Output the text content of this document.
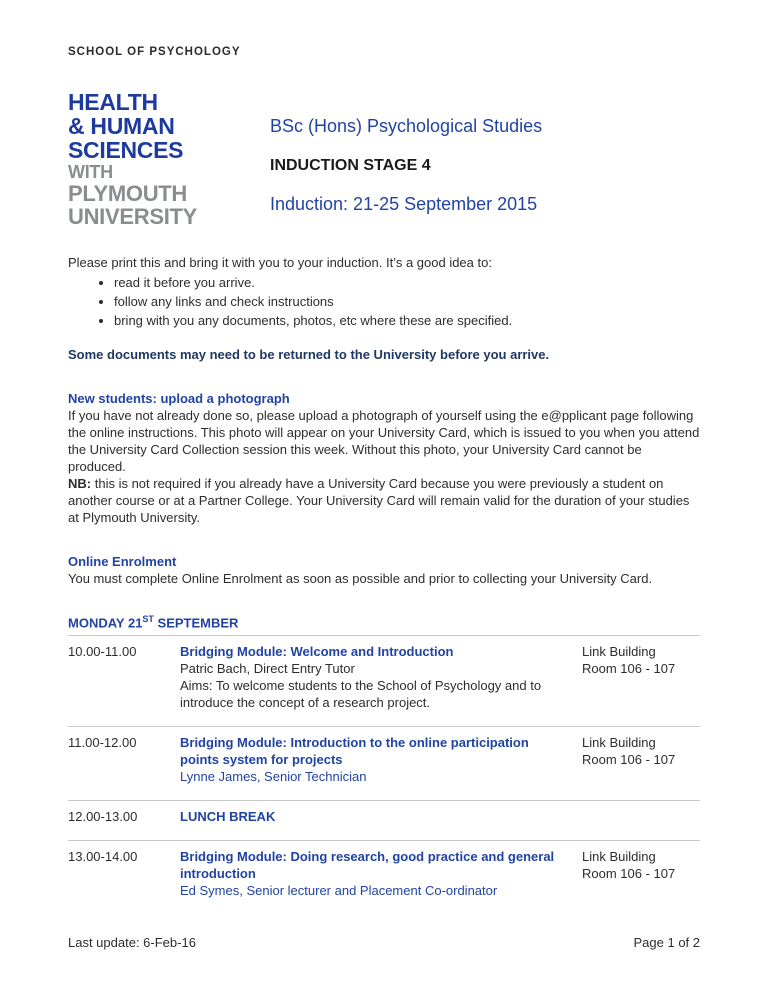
SCHOOL OF PSYCHOLOGY
HEALTH
& HUMAN
SCIENCES
WITH
PLYMOUTH
UNIVERSITY
BSc (Hons) Psychological Studies
INDUCTION STAGE 4
Induction: 21-25 September 2015

Please print this and bring it with you to your induction. It’s a good idea to:

• read it before you arrive.
• follow any links and check instructions
• bring with you any documents, photos, etc where these are specified.

Some documents may need to be returned to the University before you arrive.

New students: upload a photograph

If you have not already done so, please upload a photograph of yourself using the e@pplicant page following the online instructions. This photo will appear on your University Card, which is issued to you when you attend the University Card Collection session this week. Without this photo, your University Card cannot be produced.

NB: this is not required if you already have a University Card because you were previously a student on another course or at a Partner College. Your University Card will remain valid for the duration of your studies at Plymouth University.

Online Enrolment

You must complete Online Enrolment as soon as possible and prior to collecting your University Card.

MONDAY 21ST SEPTEMBER
10.00-11.00	Bridging Module: Welcome and Introduction
Patric Bach, Direct Entry Tutor
Aims: To welcome students to the School of Psychology and to introduce the concept of a research project.
Link Building
Room 106 - 107
11.00-12.00	Bridging Module: Introduction to the online participation points system for projects
Lynne James, Senior Technician
Link Building
Room 106 - 107
12.00-13.00	LUNCH BREAK
13.00-14.00	Bridging Module: Doing research, good practice and general introduction
Ed Symes, Senior lecturer and Placement Co-ordinator
Link Building
Room 106 - 107
Last update: 6-Feb-16	Page 1 of 2
